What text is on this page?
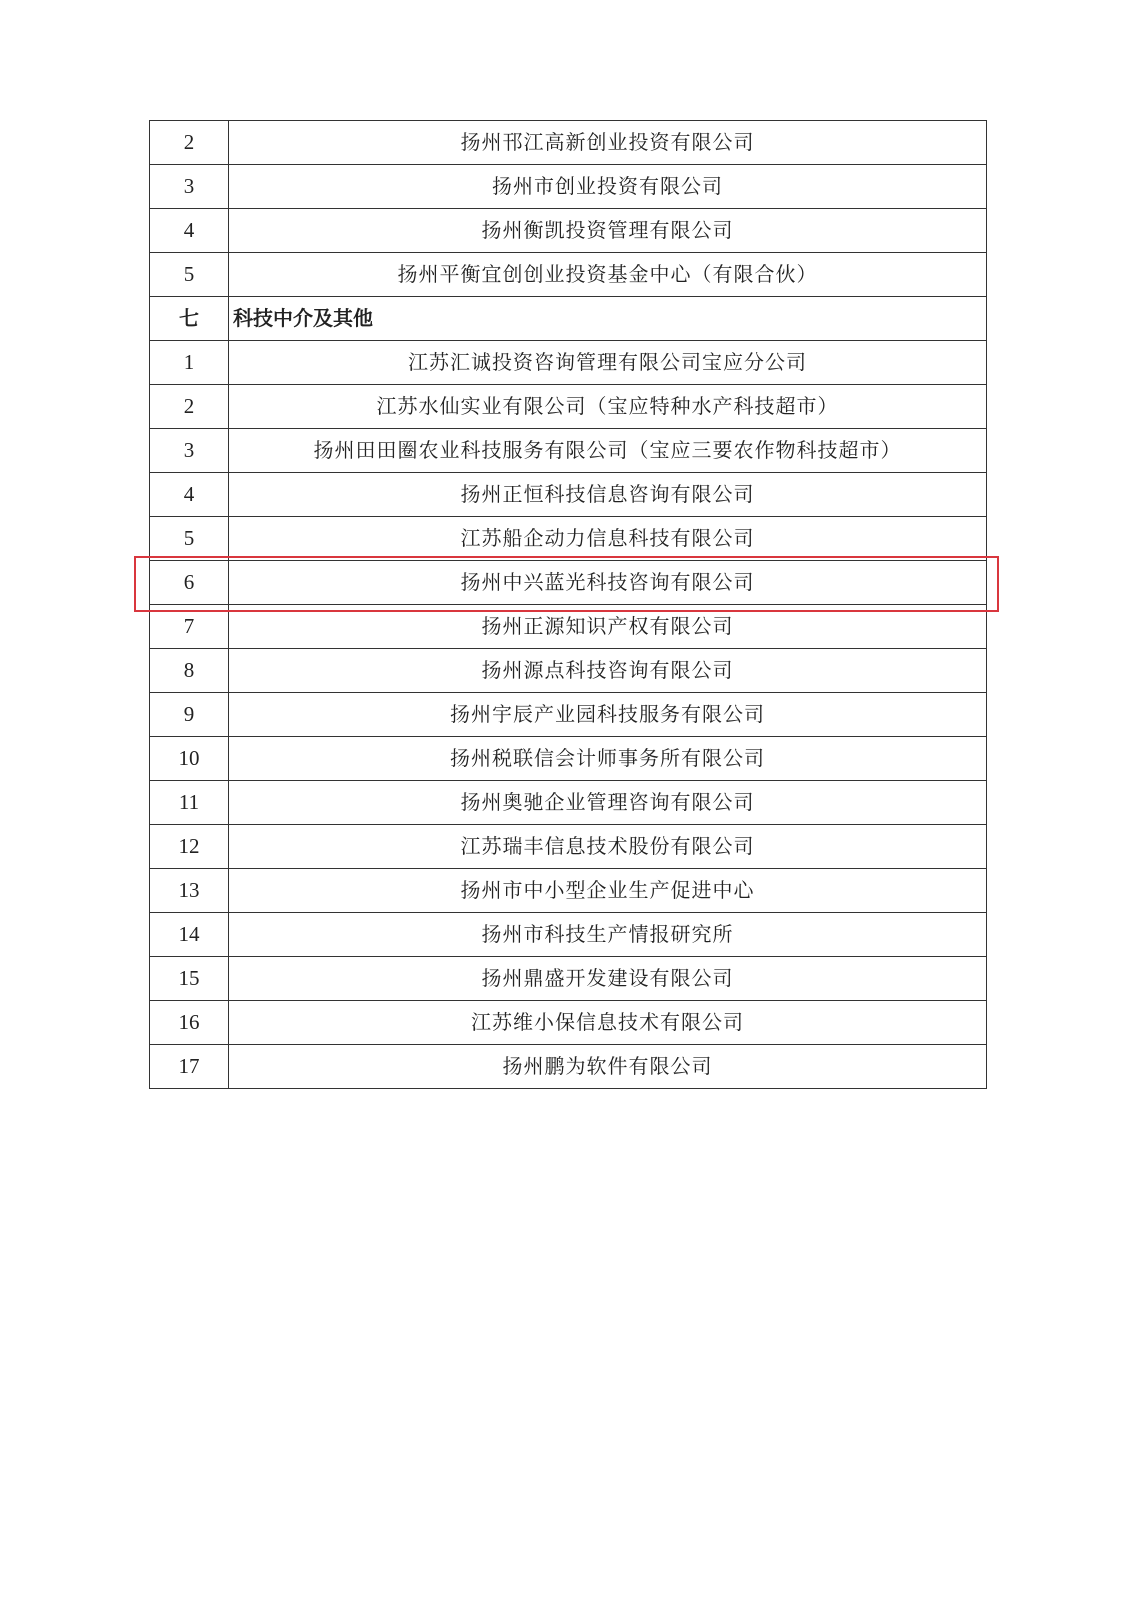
2	扬州邗江高新创业投资有限公司
3	扬州市创业投资有限公司
4	扬州衡凯投资管理有限公司
5	扬州平衡宜创创业投资基金中心（有限合伙）
七	科技中介及其他
1	江苏汇诚投资咨询管理有限公司宝应分公司
2	江苏水仙实业有限公司（宝应特种水产科技超市）
3	扬州田田圈农业科技服务有限公司（宝应三要农作物科技超市）
4	扬州正恒科技信息咨询有限公司
5	江苏船企动力信息科技有限公司
6	扬州中兴蓝光科技咨询有限公司
7	扬州正源知识产权有限公司
8	扬州源点科技咨询有限公司
9	扬州宇辰产业园科技服务有限公司
10	扬州税联信会计师事务所有限公司
11	扬州奥驰企业管理咨询有限公司
12	江苏瑞丰信息技术股份有限公司
13	扬州市中小型企业生产促进中心
14	扬州市科技生产情报研究所
15	扬州鼎盛开发建设有限公司
16	江苏维小保信息技术有限公司
17	扬州鹏为软件有限公司
